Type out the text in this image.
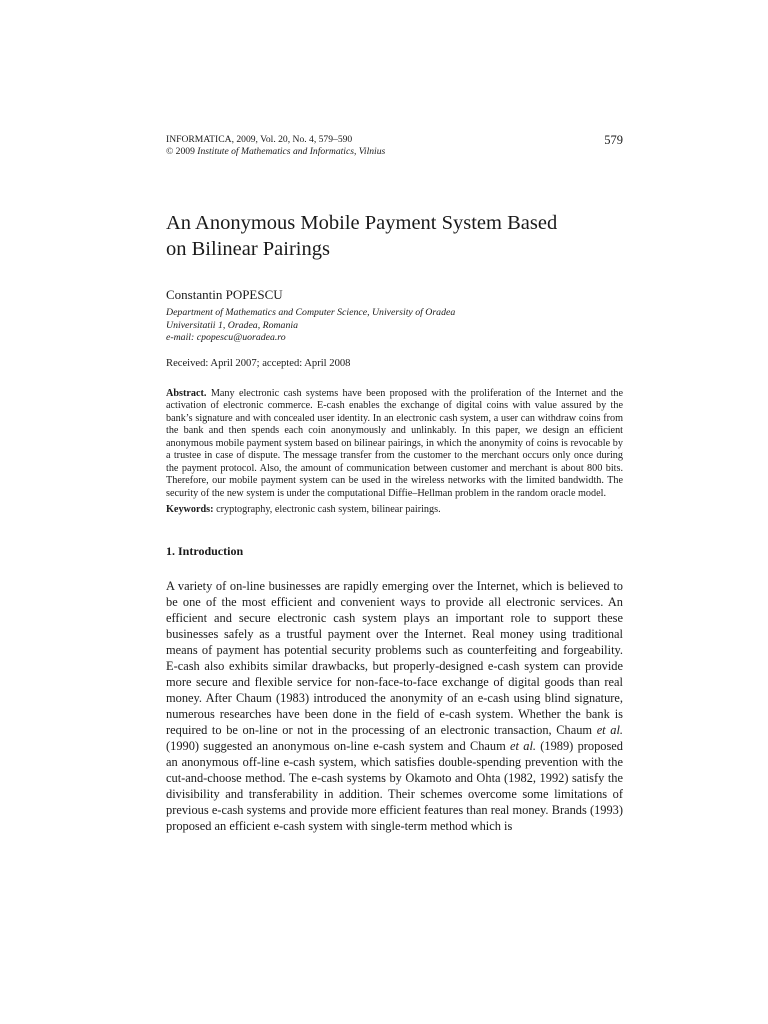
INFORMATICA, 2009, Vol. 20, No. 4, 579–590
© 2009 Institute of Mathematics and Informatics, Vilnius
579
An Anonymous Mobile Payment System Based
on Bilinear Pairings
Constantin POPESCU
Department of Mathematics and Computer Science, University of Oradea
Universitatii 1, Oradea, Romania
e-mail: cpopescu@uoradea.ro
Received: April 2007; accepted: April 2008
Abstract. Many electronic cash systems have been proposed with the proliferation of the Internet and the activation of electronic commerce. E-cash enables the exchange of digital coins with value assured by the bank’s signature and with concealed user identity. In an electronic cash system, a user can withdraw coins from the bank and then spends each coin anonymously and unlinkably. In this paper, we design an efficient anonymous mobile payment system based on bilinear pairings, in which the anonymity of coins is revocable by a trustee in case of dispute. The message transfer from the customer to the merchant occurs only once during the payment protocol. Also, the amount of communication between customer and merchant is about 800 bits. Therefore, our mobile payment system can be used in the wireless networks with the limited bandwidth. The security of the new system is under the computational Diffie–Hellman problem in the random oracle model.
Keywords: cryptography, electronic cash system, bilinear pairings.
1. Introduction
A variety of on-line businesses are rapidly emerging over the Internet, which is believed to be one of the most efficient and convenient ways to provide all electronic services. An efficient and secure electronic cash system plays an important role to support these businesses safely as a trustful payment over the Internet. Real money using traditional means of payment has potential security problems such as counterfeiting and forgeability. E-cash also exhibits similar drawbacks, but properly-designed e-cash system can provide more secure and flexible service for non-face-to-face exchange of digital goods than real money. After Chaum (1983) introduced the anonymity of an e-cash using blind signature, numerous researches have been done in the field of e-cash system. Whether the bank is required to be on-line or not in the processing of an electronic transaction, Chaum et al. (1990) suggested an anonymous on-line e-cash system and Chaum et al. (1989) proposed an anonymous off-line e-cash system, which satisfies double-spending prevention with the cut-and-choose method. The e-cash systems by Okamoto and Ohta (1982, 1992) satisfy the divisibility and transferability in addition. Their schemes overcome some limitations of previous e-cash systems and provide more efficient features than real money. Brands (1993) proposed an efficient e-cash system with single-term method which is
